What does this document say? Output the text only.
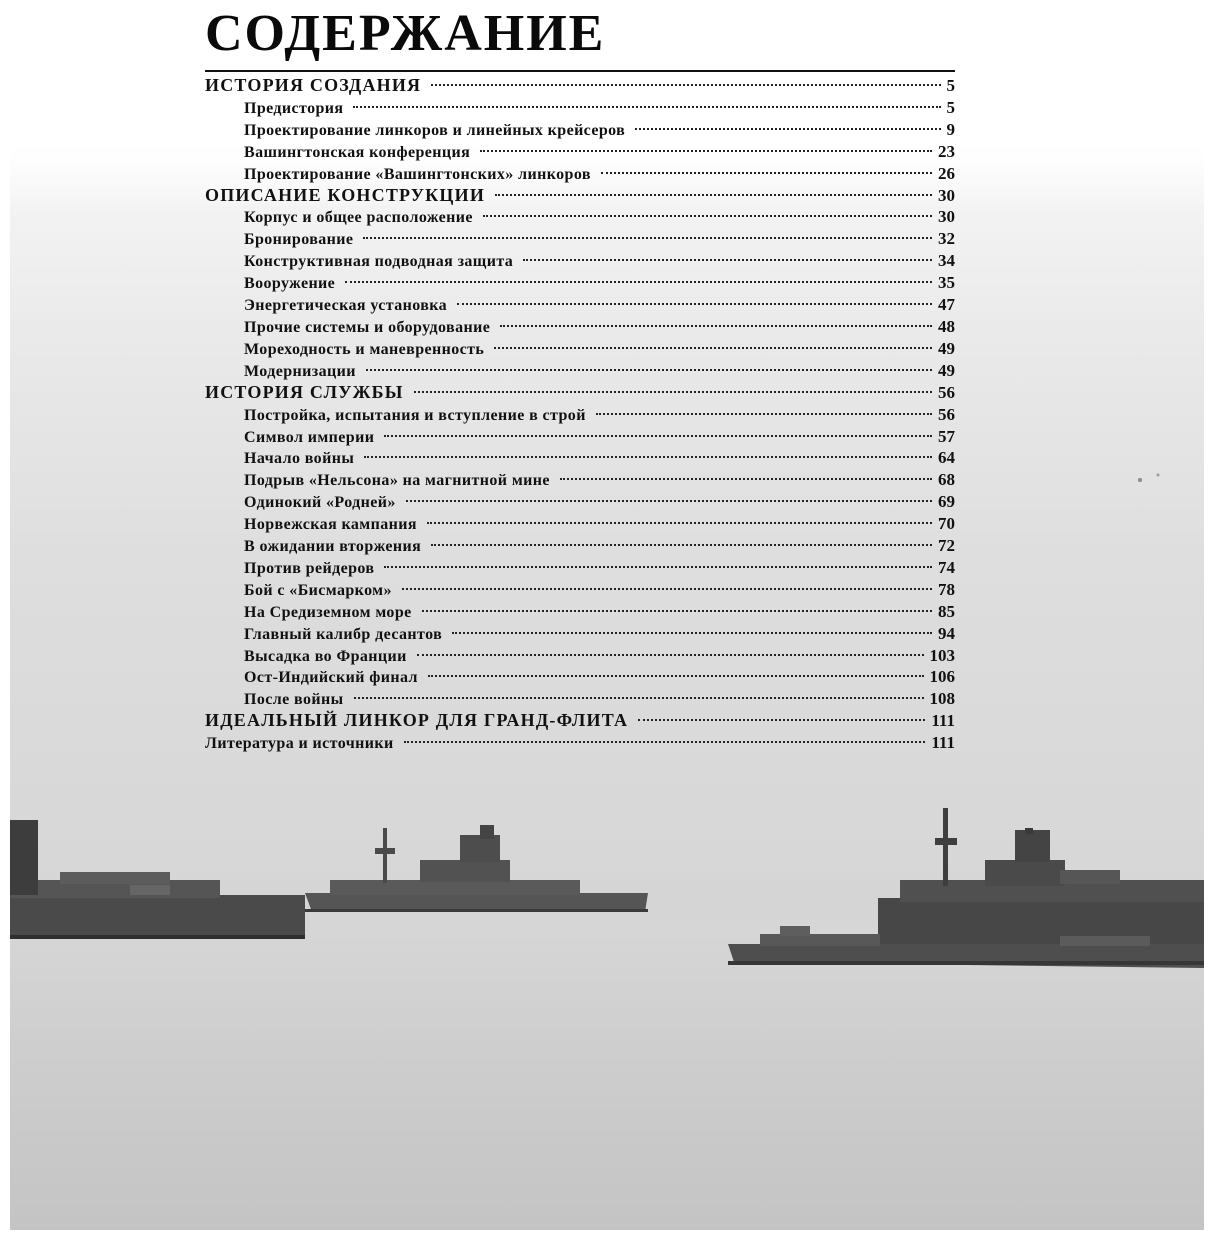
СОДЕРЖАНИЕ
ИСТОРИЯ СОЗДАНИЯ	5
Предистория	5
Проектирование линкоров и линейных крейсеров	9
Вашингтонская конференция	23
Проектирование «Вашингтонских» линкоров	26
ОПИСАНИЕ КОНСТРУКЦИИ	30
Корпус и общее расположение	30
Бронирование	32
Конструктивная подводная защита	34
Вооружение	35
Энергетическая установка	47
Прочие системы и оборудование	48
Мореходность и маневренность	49
Модернизации	49
ИСТОРИЯ СЛУЖБЫ	56
Постройка, испытания и вступление в строй	56
Символ империи	57
Начало войны	64
Подрыв «Нельсона» на магнитной мине	68
Одинокий «Родней»	69
Норвежская кампания	70
В ожидании вторжения	72
Против рейдеров	74
Бой с «Бисмарком»	78
На Средиземном море	85
Главный калибр десантов	94
Высадка во Франции	103
Ост-Индийский финал	106
После войны	108
ИДЕАЛЬНЫЙ ЛИНКОР ДЛЯ ГРАНД-ФЛИТА	111
Литература и источники	111
